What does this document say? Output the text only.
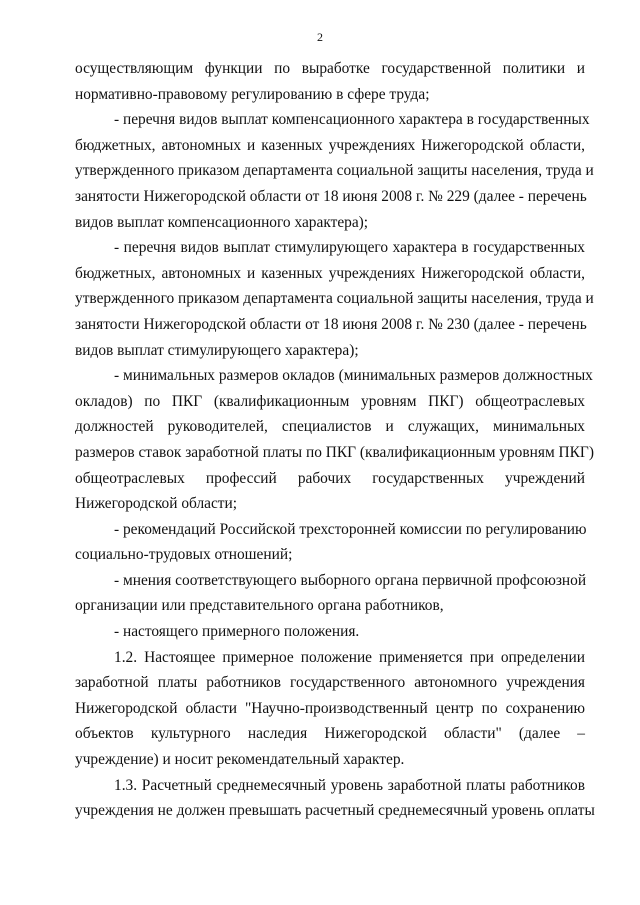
2
осуществляющим функции по выработке государственной политики и
нормативно-правовому регулированию в сфере труда;
- перечня видов выплат компенсационного характера в государственных
бюджетных, автономных и казенных учреждениях Нижегородской области,
утвержденного приказом департамента социальной защиты населения, труда и
занятости Нижегородской области от 18 июня 2008 г. № 229 (далее - перечень
видов выплат компенсационного характера);
- перечня видов выплат стимулирующего характера в государственных
бюджетных, автономных и казенных учреждениях Нижегородской области,
утвержденного приказом департамента социальной защиты населения, труда и
занятости Нижегородской области от 18 июня 2008 г. № 230 (далее - перечень
видов выплат стимулирующего характера);
- минимальных размеров окладов (минимальных размеров должностных
окладов) по ПКГ (квалификационным уровням ПКГ) общеотраслевых
должностей руководителей, специалистов и служащих, минимальных
размеров ставок заработной платы по ПКГ (квалификационным уровням ПКГ)
общеотраслевых профессий рабочих государственных учреждений
Нижегородской области;
- рекомендаций Российской трехсторонней комиссии по регулированию
социально-трудовых отношений;
- мнения соответствующего выборного органа первичной профсоюзной
организации или представительного органа работников,
- настоящего примерного положения.
1.2. Настоящее примерное положение применяется при определении
заработной платы работников государственного автономного учреждения
Нижегородской области "Научно-производственный центр по сохранению
объектов культурного наследия Нижегородской области" (далее –
учреждение) и носит рекомендательный характер.
1.3. Расчетный среднемесячный уровень заработной платы работников
учреждения не должен превышать расчетный среднемесячный уровень оплаты
